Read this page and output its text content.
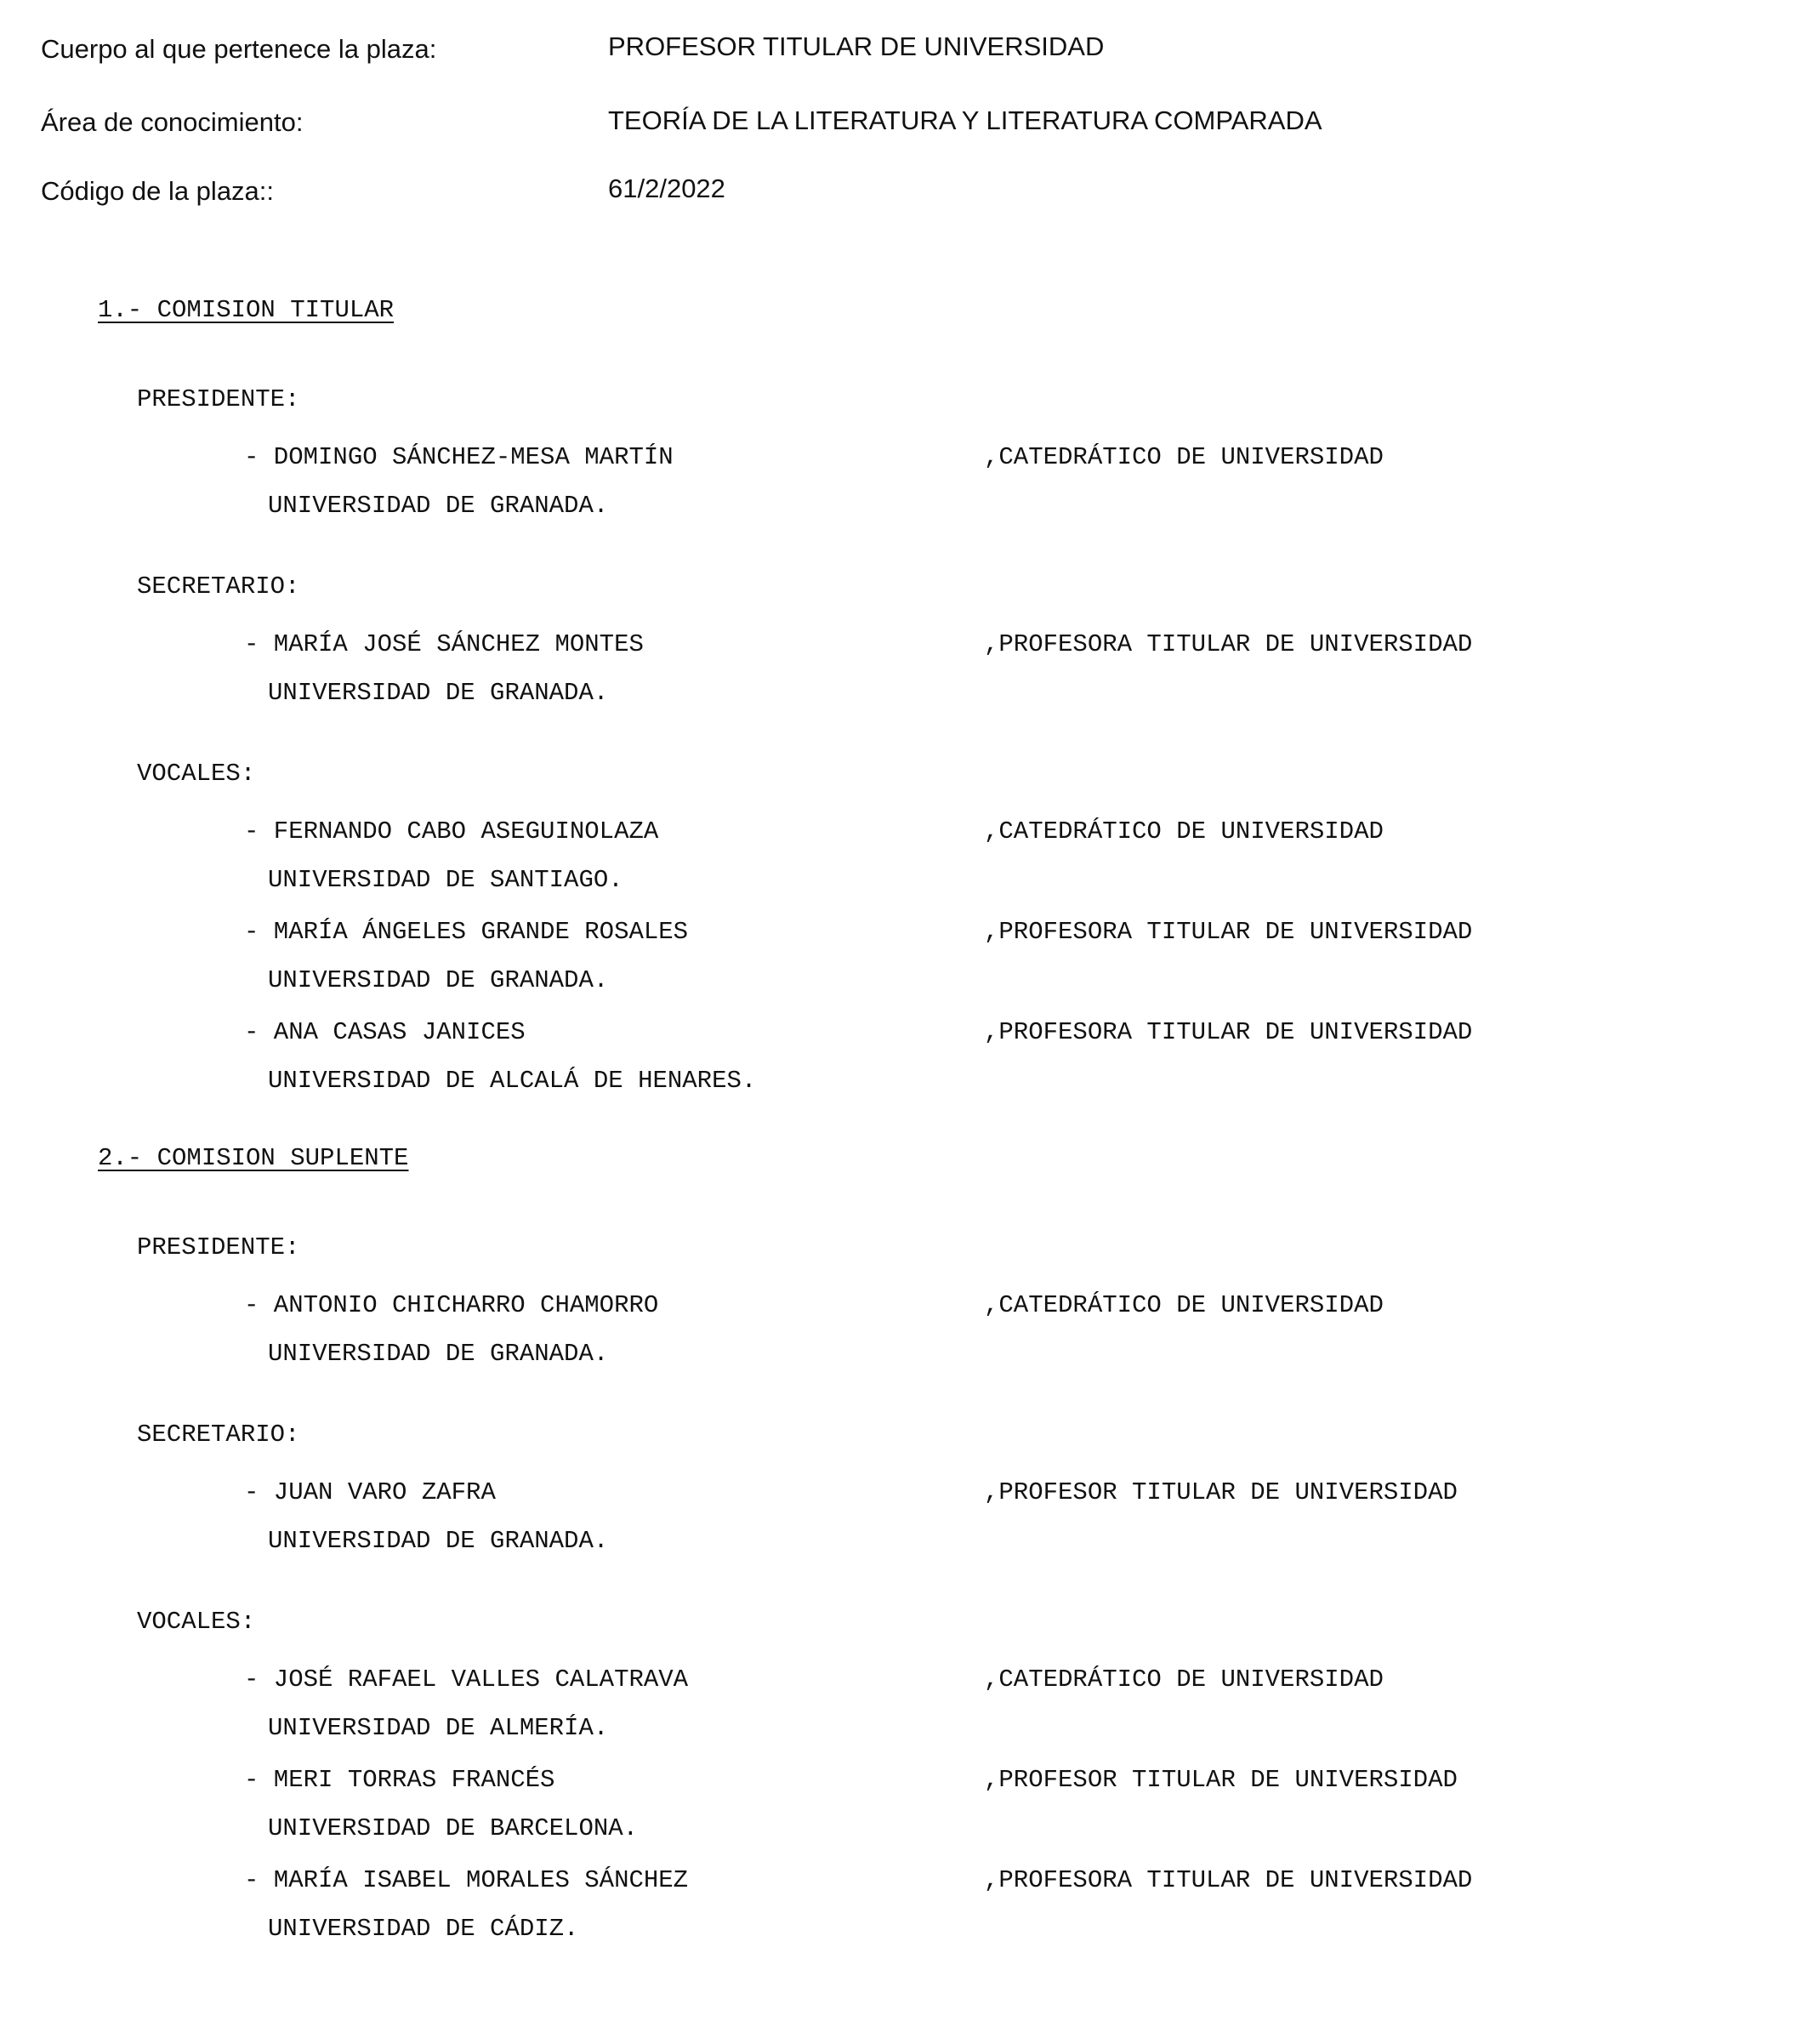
Cuerpo al que pertenece la plaza:	PROFESOR TITULAR DE UNIVERSIDAD
Área de conocimiento:	TEORÍA DE LA LITERATURA Y LITERATURA COMPARADA
Código de la plaza::	61/2/2022
1.- COMISION TITULAR
PRESIDENTE:
- DOMINGO SÁNCHEZ-MESA MARTÍN	,CATEDRÁTICO DE UNIVERSIDAD
UNIVERSIDAD DE GRANADA.
SECRETARIO:
- MARÍA JOSÉ SÁNCHEZ MONTES	,PROFESORA TITULAR DE UNIVERSIDAD
UNIVERSIDAD DE GRANADA.
VOCALES:
- FERNANDO CABO ASEGUINOLAZA	,CATEDRÁTICO DE UNIVERSIDAD
UNIVERSIDAD DE SANTIAGO.
- MARÍA ÁNGELES GRANDE ROSALES	,PROFESORA TITULAR DE UNIVERSIDAD
UNIVERSIDAD DE GRANADA.
- ANA CASAS JANICES	,PROFESORA TITULAR DE UNIVERSIDAD
UNIVERSIDAD DE ALCALÁ DE HENARES.
2.- COMISION SUPLENTE
PRESIDENTE:
- ANTONIO CHICHARRO CHAMORRO	,CATEDRÁTICO DE UNIVERSIDAD
UNIVERSIDAD DE GRANADA.
SECRETARIO:
- JUAN VARO ZAFRA	,PROFESOR TITULAR DE UNIVERSIDAD
UNIVERSIDAD DE GRANADA.
VOCALES:
- JOSÉ RAFAEL VALLES CALATRAVA	,CATEDRÁTICO DE UNIVERSIDAD
UNIVERSIDAD DE ALMERÍA.
- MERI TORRAS FRANCÉS	,PROFESOR TITULAR DE UNIVERSIDAD
UNIVERSIDAD DE BARCELONA.
- MARÍA ISABEL MORALES SÁNCHEZ	,PROFESORA TITULAR DE UNIVERSIDAD
UNIVERSIDAD DE CÁDIZ.
